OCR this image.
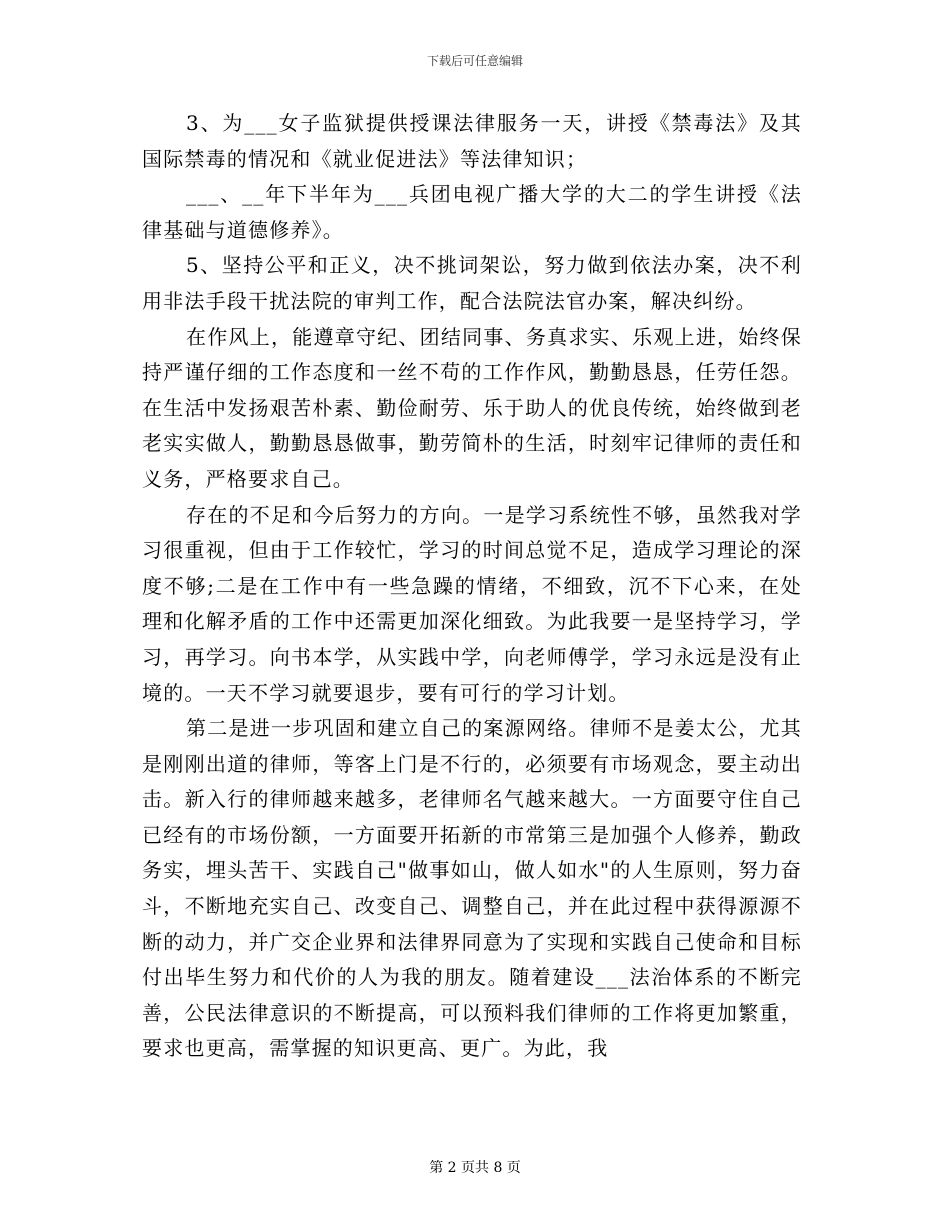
下载后可任意编辑

3、为___女子监狱提供授课法律服务一天，讲授《禁毒法》及其国际禁毒的情况和《就业促进法》等法律知识；

___、__年下半年为___兵团电视广播大学的大二的学生讲授《法律基础与道德修养》。

5、坚持公平和正义，决不挑词架讼，努力做到依法办案，决不利用非法手段干扰法院的审判工作，配合法院法官办案，解决纠纷。

在作风上，能遵章守纪、团结同事、务真求实、乐观上进，始终保持严谨仔细的工作态度和一丝不苟的工作作风，勤勤恳恳，任劳任怨。在生活中发扬艰苦朴素、勤俭耐劳、乐于助人的优良传统，始终做到老老实实做人，勤勤恳恳做事，勤劳简朴的生活，时刻牢记律师的责任和义务，严格要求自己。

存在的不足和今后努力的方向。一是学习系统性不够，虽然我对学习很重视，但由于工作较忙，学习的时间总觉不足，造成学习理论的深度不够;二是在工作中有一些急躁的情绪，不细致，沉不下心来，在处理和化解矛盾的工作中还需更加深化细致。为此我要一是坚持学习，学习，再学习。向书本学，从实践中学，向老师傅学，学习永远是没有止境的。一天不学习就要退步，要有可行的学习计划。

第二是进一步巩固和建立自己的案源网络。律师不是姜太公，尤其是刚刚出道的律师，等客上门是不行的，必须要有市场观念，要主动出击。新入行的律师越来越多，老律师名气越来越大。一方面要守住自己已经有的市场份额，一方面要开拓新的市常第三是加强个人修养，勤政务实，埋头苦干、实践自己"做事如山，做人如水"的人生原则，努力奋斗，不断地充实自己、改变自己、调整自己，并在此过程中获得源源不断的动力，并广交企业界和法律界同意为了实现和实践自己使命和目标付出毕生努力和代价的人为我的朋友。随着建设___法治体系的不断完善，公民法律意识的不断提高，可以预料我们律师的工作将更加繁重，要求也更高，需掌握的知识更高、更广。为此，我

第 2 页共 8 页
